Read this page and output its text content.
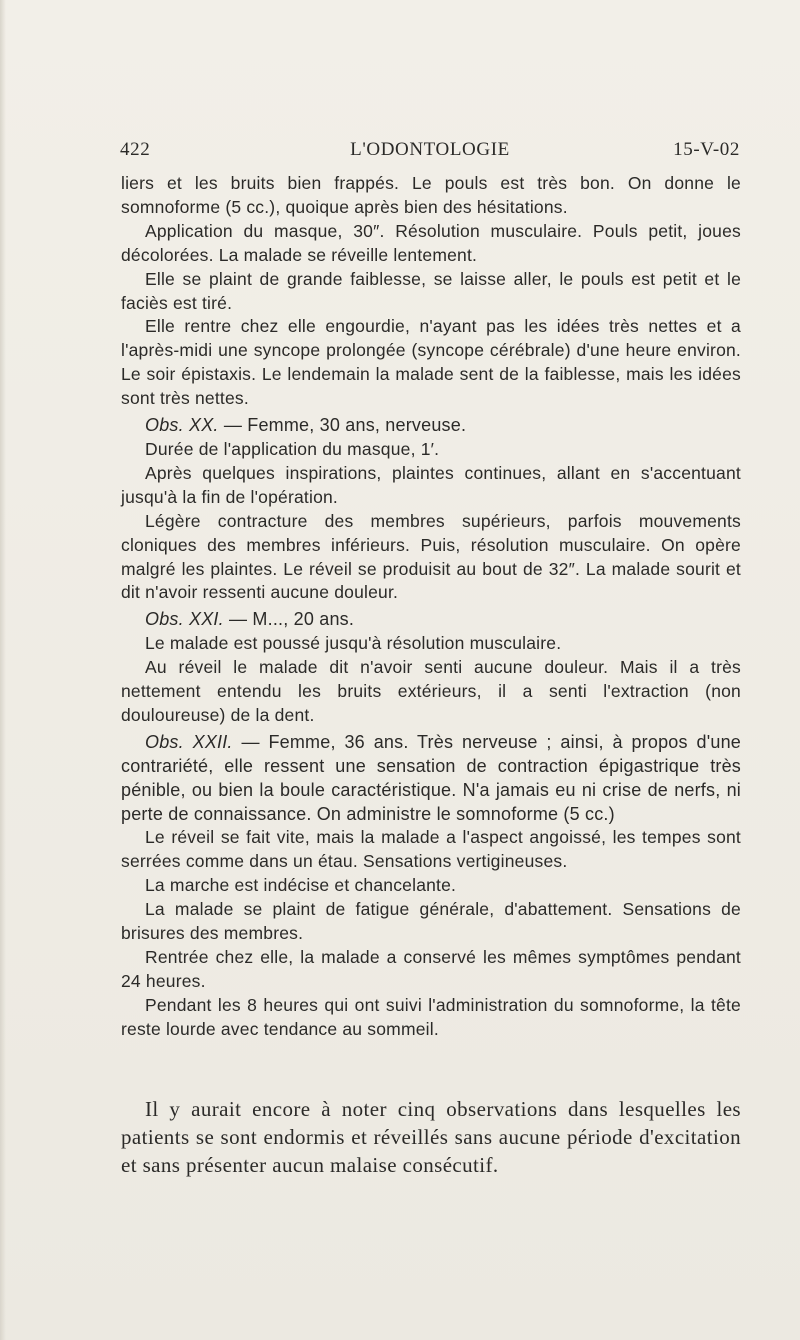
422	L'ODONTOLOGIE	15-V-02

liers et les bruits bien frappés. Le pouls est très bon. On donne le somnoforme (5 cc.), quoique après bien des hésitations.

Application du masque, 30″. Résolution musculaire. Pouls petit, joues décolorées. La malade se réveille lentement.

Elle se plaint de grande faiblesse, se laisse aller, le pouls est petit et le faciès est tiré.

Elle rentre chez elle engourdie, n'ayant pas les idées très nettes et a l'après-midi une syncope prolongée (syncope cérébrale) d'une heure environ. Le soir épistaxis. Le lendemain la malade sent de la faiblesse, mais les idées sont très nettes.

Obs. XX. — Femme, 30 ans, nerveuse.

Durée de l'application du masque, 1′.

Après quelques inspirations, plaintes continues, allant en s'accentuant jusqu'à la fin de l'opération.

Légère contracture des membres supérieurs, parfois mouvements cloniques des membres inférieurs. Puis, résolution musculaire. On opère malgré les plaintes. Le réveil se produisit au bout de 32″. La malade sourit et dit n'avoir ressenti aucune douleur.

Obs. XXI. — M..., 20 ans.

Le malade est poussé jusqu'à résolution musculaire.

Au réveil le malade dit n'avoir senti aucune douleur. Mais il a très nettement entendu les bruits extérieurs, il a senti l'extraction (non douloureuse) de la dent.

Obs. XXII. — Femme, 36 ans. Très nerveuse ; ainsi, à propos d'une contrariété, elle ressent une sensation de contraction épigastrique très pénible, ou bien la boule caractéristique. N'a jamais eu ni crise de nerfs, ni perte de connaissance. On administre le somnoforme (5 cc.)

Le réveil se fait vite, mais la malade a l'aspect angoissé, les tempes sont serrées comme dans un étau. Sensations vertigineuses.

La marche est indécise et chancelante.

La malade se plaint de fatigue générale, d'abattement. Sensations de brisures des membres.

Rentrée chez elle, la malade a conservé les mêmes symptômes pendant 24 heures.

Pendant les 8 heures qui ont suivi l'administration du somnoforme, la tête reste lourde avec tendance au sommeil.

Il y aurait encore à noter cinq observations dans lesquelles les patients se sont endormis et réveillés sans aucune période d'excitation et sans présenter aucun malaise consécutif.
